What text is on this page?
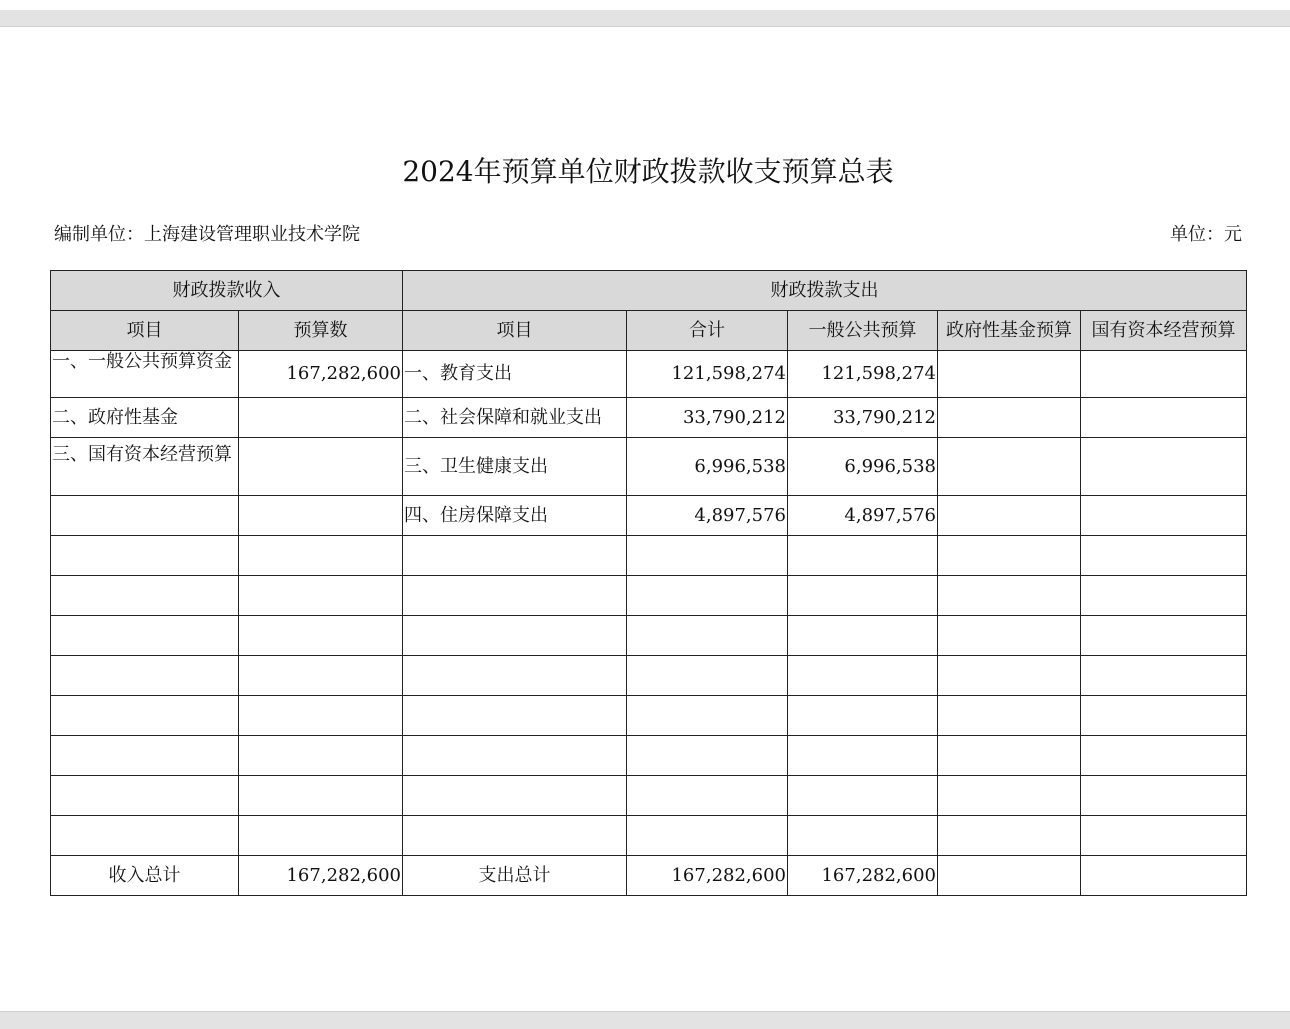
2024年预算单位财政拨款收支预算总表
编制单位：上海建设管理职业技术学院	单位：元
财政拨款收入		财政拨款支出				
项目	预算数	项目	合计	一般公共预算	政府性基金预算	国有资本经营预算
一、一般公共预算资金	167,282,600	一、教育支出	121,598,274	121,598,274		
二、政府性基金		二、社会保障和就业支出	33,790,212	33,790,212		
三、国有资本经营预算		三、卫生健康支出	6,996,538	6,996,538		
		四、住房保障支出	4,897,576	4,897,576		

收入总计	167,282,600	支出总计	167,282,600	167,282,600		
